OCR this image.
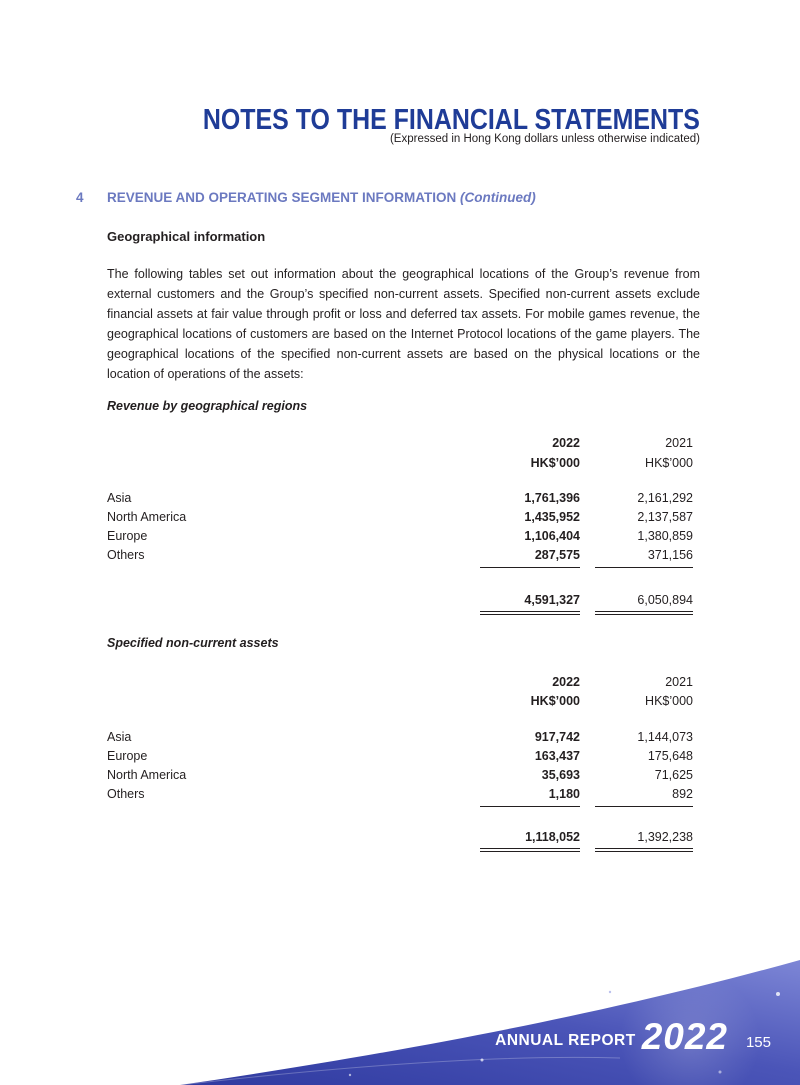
NOTES TO THE FINANCIAL STATEMENTS
(Expressed in Hong Kong dollars unless otherwise indicated)
4 REVENUE AND OPERATING SEGMENT INFORMATION (Continued)
Geographical information

The following tables set out information about the geographical locations of the Group’s revenue from external customers and the Group’s specified non-current assets. Specified non-current assets exclude financial assets at fair value through profit or loss and deferred tax assets. For mobile games revenue, the geographical locations of customers are based on the Internet Protocol locations of the game players. The geographical locations of the specified non-current assets are based on the physical locations or the location of operations of the assets:

Revenue by geographical regions
2022	2021
HK$’000	HK$’000
Asia	1,761,396	2,161,292
North America	1,435,952	2,137,587
Europe	1,106,404	1,380,859
Others	287,575	371,156
4,591,327	6,050,894
Specified non-current assets
2022	2021
HK$’000	HK$’000
Asia	917,742	1,144,073
Europe	163,437	175,648
North America	35,693	71,625
Others	1,180	892
1,118,052	1,392,238
ANNUAL REPORT 2022 155
